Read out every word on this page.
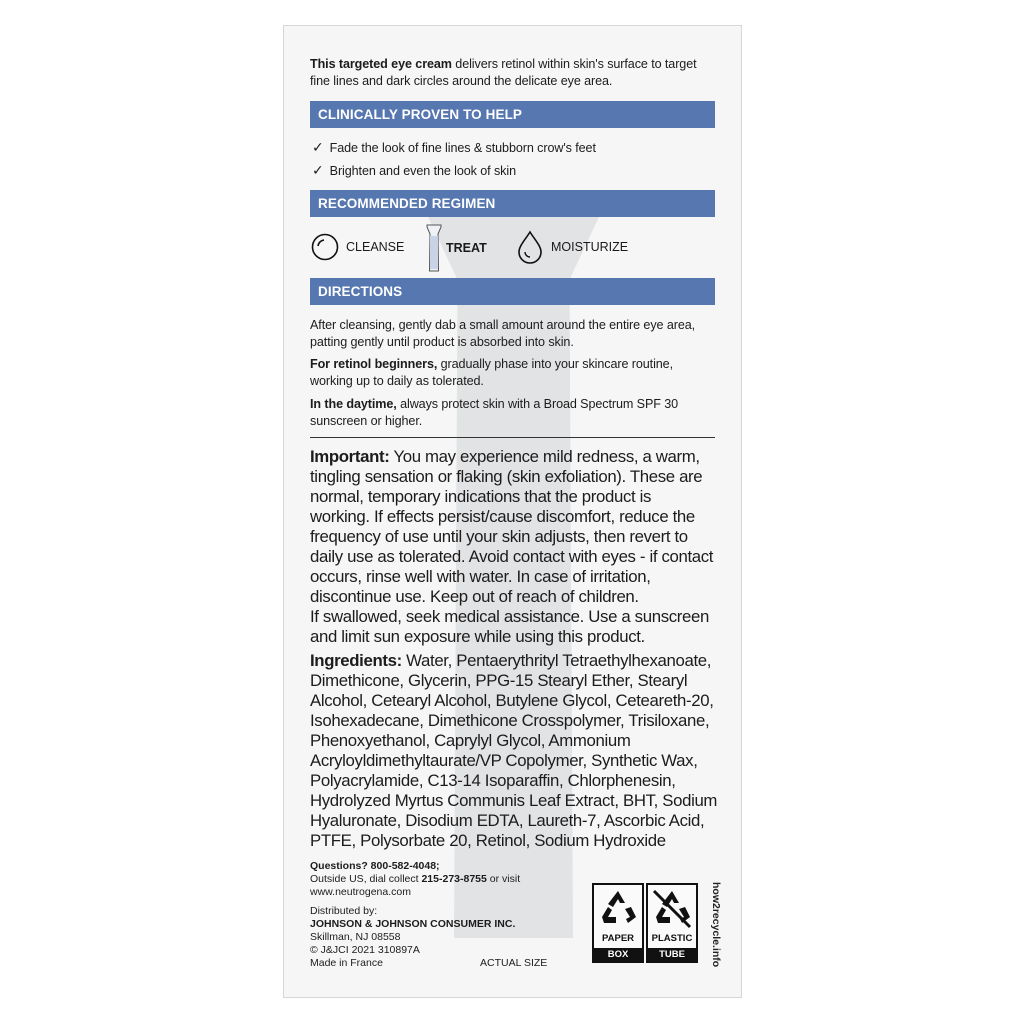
This targeted eye cream delivers retinol within skin's surface to target
fine lines and dark circles around the delicate eye area.
CLINICALLY PROVEN TO HELP
✓ Fade the look of fine lines & stubborn crow's feet
✓ Brighten and even the look of skin
RECOMMENDED REGIMEN
CLEANSE	TREAT	MOISTURIZE
DIRECTIONS
After cleansing, gently dab a small amount around the entire eye area,
patting gently until product is absorbed into skin.
For retinol beginners, gradually phase into your skincare routine,
working up to daily as tolerated.
In the daytime, always protect skin with a Broad Spectrum SPF 30
sunscreen or higher.
Important: You may experience mild redness, a warm,
tingling sensation or flaking (skin exfoliation). These are
normal, temporary indications that the product is
working. If effects persist/cause discomfort, reduce the
frequency of use until your skin adjusts, then revert to
daily use as tolerated. Avoid contact with eyes - if contact
occurs, rinse well with water. In case of irritation,
discontinue use. Keep out of reach of children.
If swallowed, seek medical assistance. Use a sunscreen
and limit sun exposure while using this product.
Ingredients: Water, Pentaerythrityl Tetraethylhexanoate,
Dimethicone, Glycerin, PPG-15 Stearyl Ether, Stearyl
Alcohol, Cetearyl Alcohol, Butylene Glycol, Ceteareth-20,
Isohexadecane, Dimethicone Crosspolymer, Trisiloxane,
Phenoxyethanol, Caprylyl Glycol, Ammonium
Acryloyldimethyltaurate/VP Copolymer, Synthetic Wax,
Polyacrylamide, C13-14 Isoparaffin, Chlorphenesin,
Hydrolyzed Myrtus Communis Leaf Extract, BHT, Sodium
Hyaluronate, Disodium EDTA, Laureth-7, Ascorbic Acid,
PTFE, Polysorbate 20, Retinol, Sodium Hydroxide
Questions? 800-582-4048;
Outside US, dial collect 215-273-8755 or visit
www.neutrogena.com
Distributed by:
JOHNSON & JOHNSON CONSUMER INC.
Skillman, NJ 08558
© J&JCI 2021 310897A
Made in France	ACTUAL SIZE
PAPER
BOX
PLASTIC
TUBE	how2recycle.info
